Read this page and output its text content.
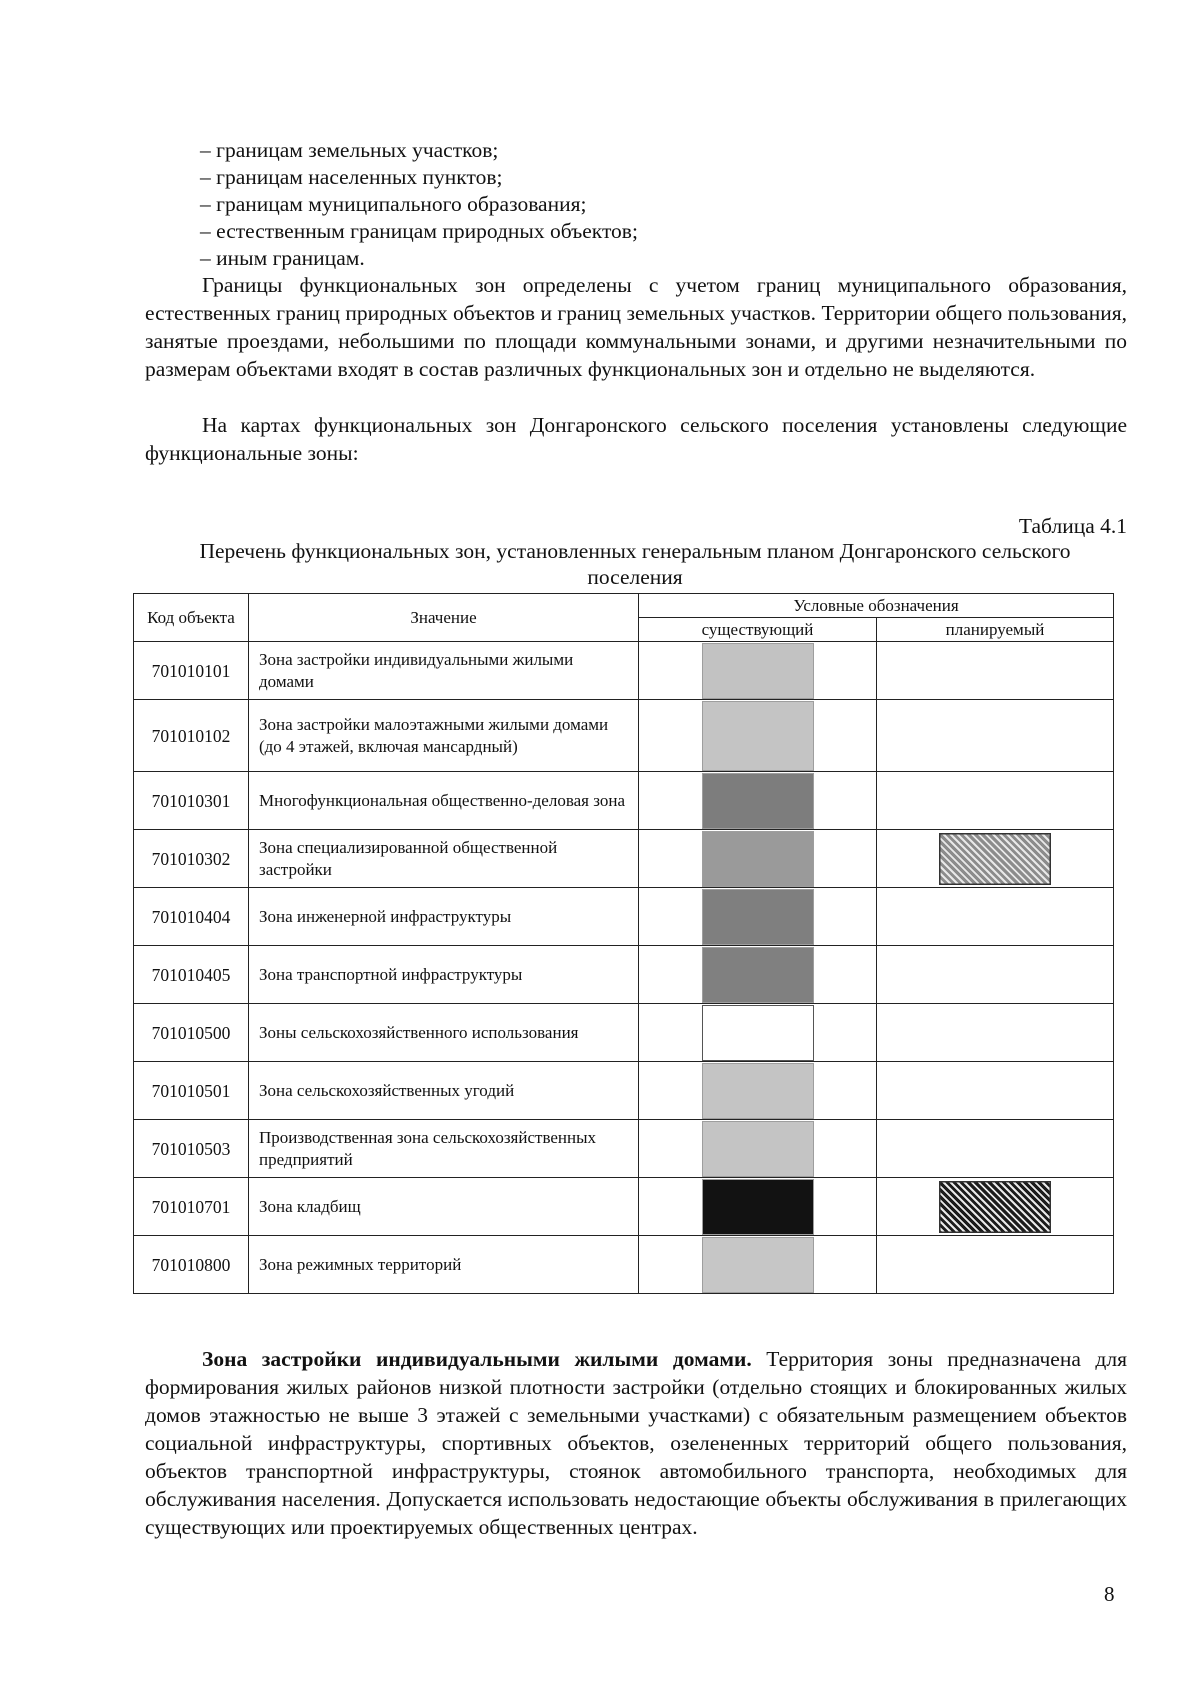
– границам земельных участков;
– границам населенных пунктов;
– границам муниципального образования;
– естественным границам природных объектов;
– иным границам.

Границы функциональных зон определены с учетом границ муниципального образования, естественных границ природных объектов и границ земельных участков. Территории общего пользования, занятые проездами, небольшими по площади коммунальными зонами, и другими незначительными по размерам объектами входят в состав различных функциональных зон и отдельно не выделяются.

На картах функциональных зон Донгаронского сельского поселения установлены следующие функциональные зоны:

Таблица 4.1
Перечень функциональных зон, установленных генеральным планом Донгаронского сельского поселения
Код объекта	Значение	Условные обозначения	
		существующий	планируемый
701010101	Зона застройки индивидуальными жилыми домами		
701010102	Зона застройки малоэтажными жилыми домами (до 4 этажей, включая мансардный)		
701010301	Многофункциональная общественно-деловая зона		
701010302	Зона специализированной общественной застройки		
701010404	Зона инженерной инфраструктуры		
701010405	Зона транспортной инфраструктуры		
701010500	Зоны сельскохозяйственного использования		
701010501	Зона сельскохозяйственных угодий		
701010503	Производственная зона сельскохозяйственных предприятий		
701010701	Зона кладбищ		
701010800	Зона режимных территорий		

Зона застройки индивидуальными жилыми домами. Территория зоны предназначена для формирования жилых районов низкой плотности застройки (отдельно стоящих и блокированных жилых домов этажностью не выше 3 этажей с земельными участками) с обязательным размещением объектов социальной инфраструктуры, спортивных объектов, озелененных территорий общего пользования, объектов транспортной инфраструктуры, стоянок автомобильного транспорта, необходимых для обслуживания населения. Допускается использовать недостающие объекты обслуживания в прилегающих существующих или проектируемых общественных центрах.

8
